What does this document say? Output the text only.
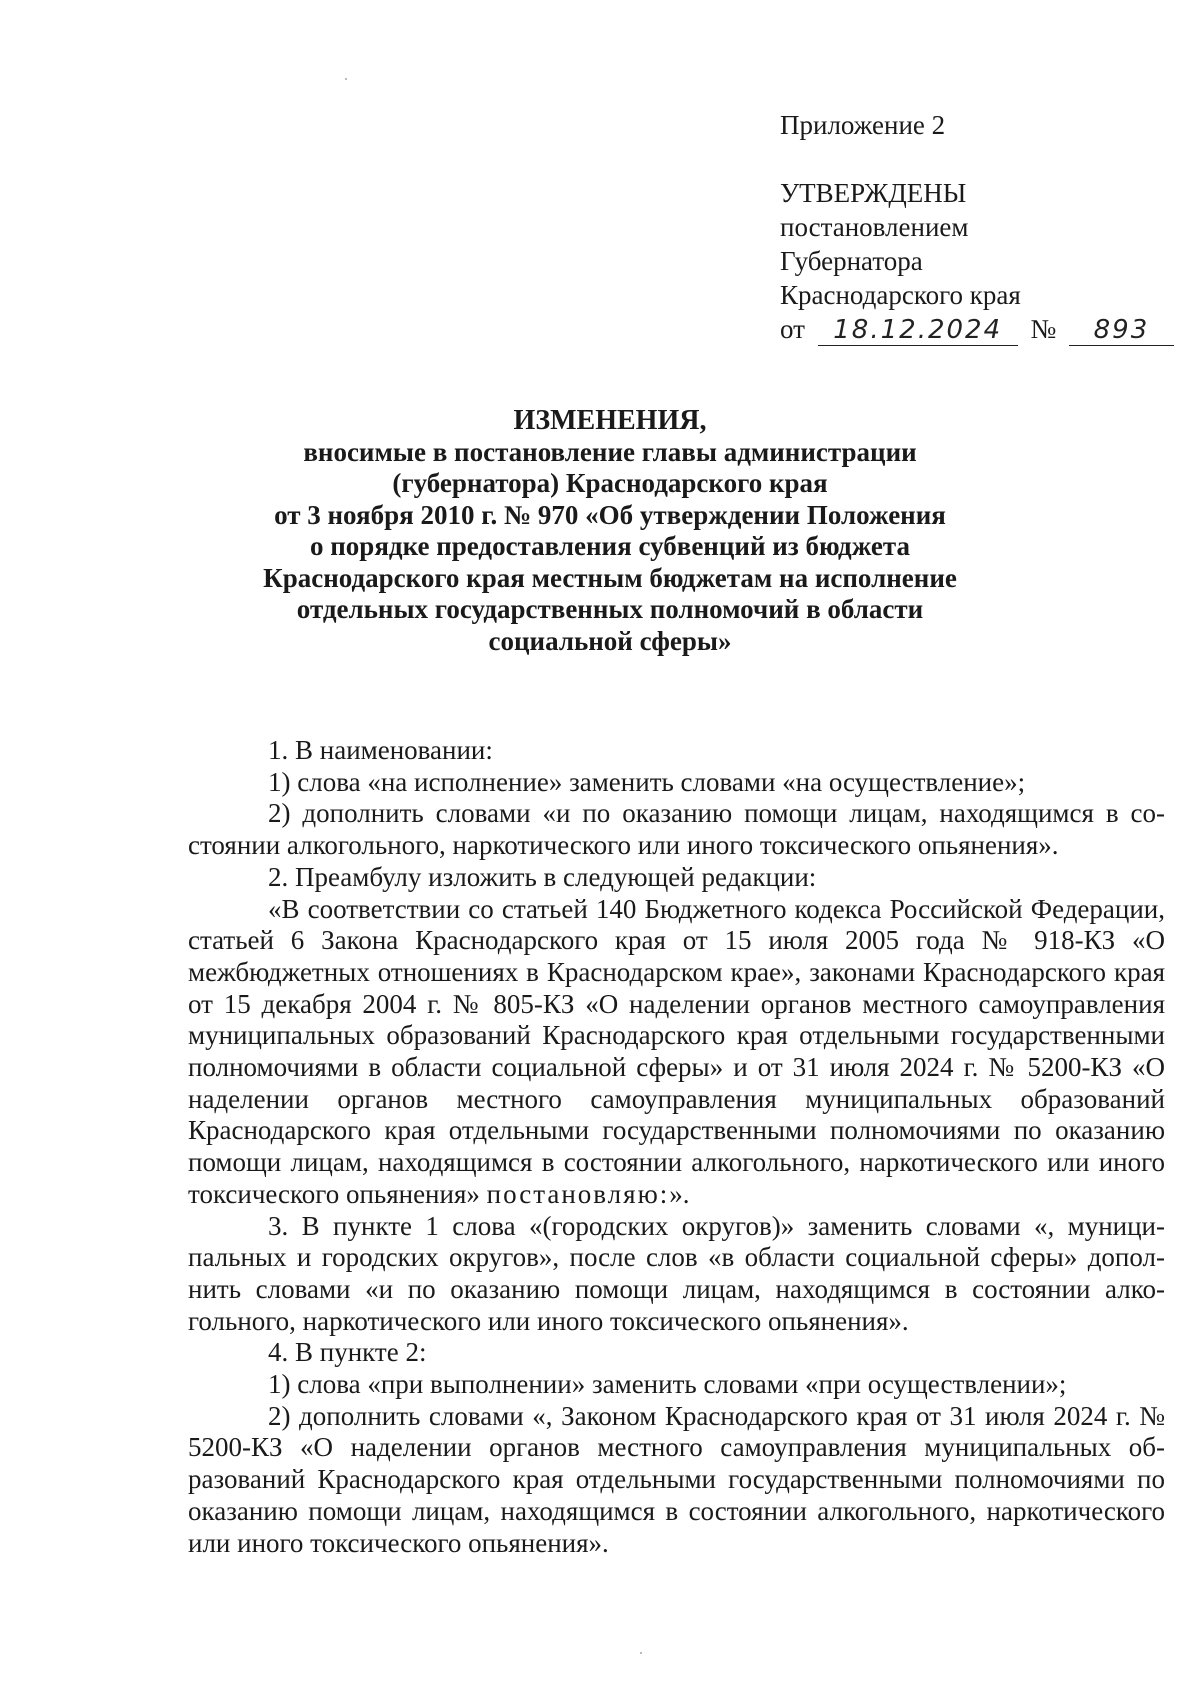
Приложение 2
УТВЕРЖДЕНЫ
постановлением
Губернатора
Краснодарского края
от 18.12.2024 № 893
ИЗМЕНЕНИЯ,
вносимые в постановление главы администрации
(губернатора) Краснодарского края
от 3 ноября 2010 г. № 970 «Об утверждении Положения
о порядке предоставления субвенций из бюджета
Краснодарского края местным бюджетам на исполнение
отдельных государственных полномочий в области
социальной сферы»

1. В наименовании:

1) слова «на исполнение» заменить словами «на осуществление»;

2) дополнить словами «и по оказанию помощи лицам, находящимся в состоянии алкогольного, наркотического или иного токсического опьянения».

2. Преамбулу изложить в следующей редакции:

«В соответствии со статьей 140 Бюджетного кодекса Российской Федерации, статьей 6 Закона Краснодарского края от 15 июля 2005 года № 918-КЗ «О межбюджетных отношениях в Краснодарском крае», законами Краснодарского края от 15 декабря 2004 г. № 805-КЗ «О наделении органов местного самоуправления муниципальных образований Краснодарского края отдельными государственными полномочиями в области социальной сферы» и от 31 июля 2024 г. № 5200-КЗ «О наделении органов местного самоуправления муниципальных образований Краснодарского края отдельными государственными полномочиями по оказанию помощи лицам, находящимся в состоянии алкогольного, наркотического или иного токсического опьянения» постановляю:».

3. В пункте 1 слова «(городских округов)» заменить словами «, муниципальных и городских округов», после слов «в области социальной сферы» дополнить словами «и по оказанию помощи лицам, находящимся в состоянии алкогольного, наркотического или иного токсического опьянения».

4. В пункте 2:

1) слова «при выполнении» заменить словами «при осуществлении»;

2) дополнить словами «, Законом Краснодарского края от 31 июля 2024 г. № 5200-КЗ «О наделении органов местного самоуправления муниципальных образований Краснодарского края отдельными государственными полномочиями по оказанию помощи лицам, находящимся в состоянии алкогольного, наркотического или иного токсического опьянения».
